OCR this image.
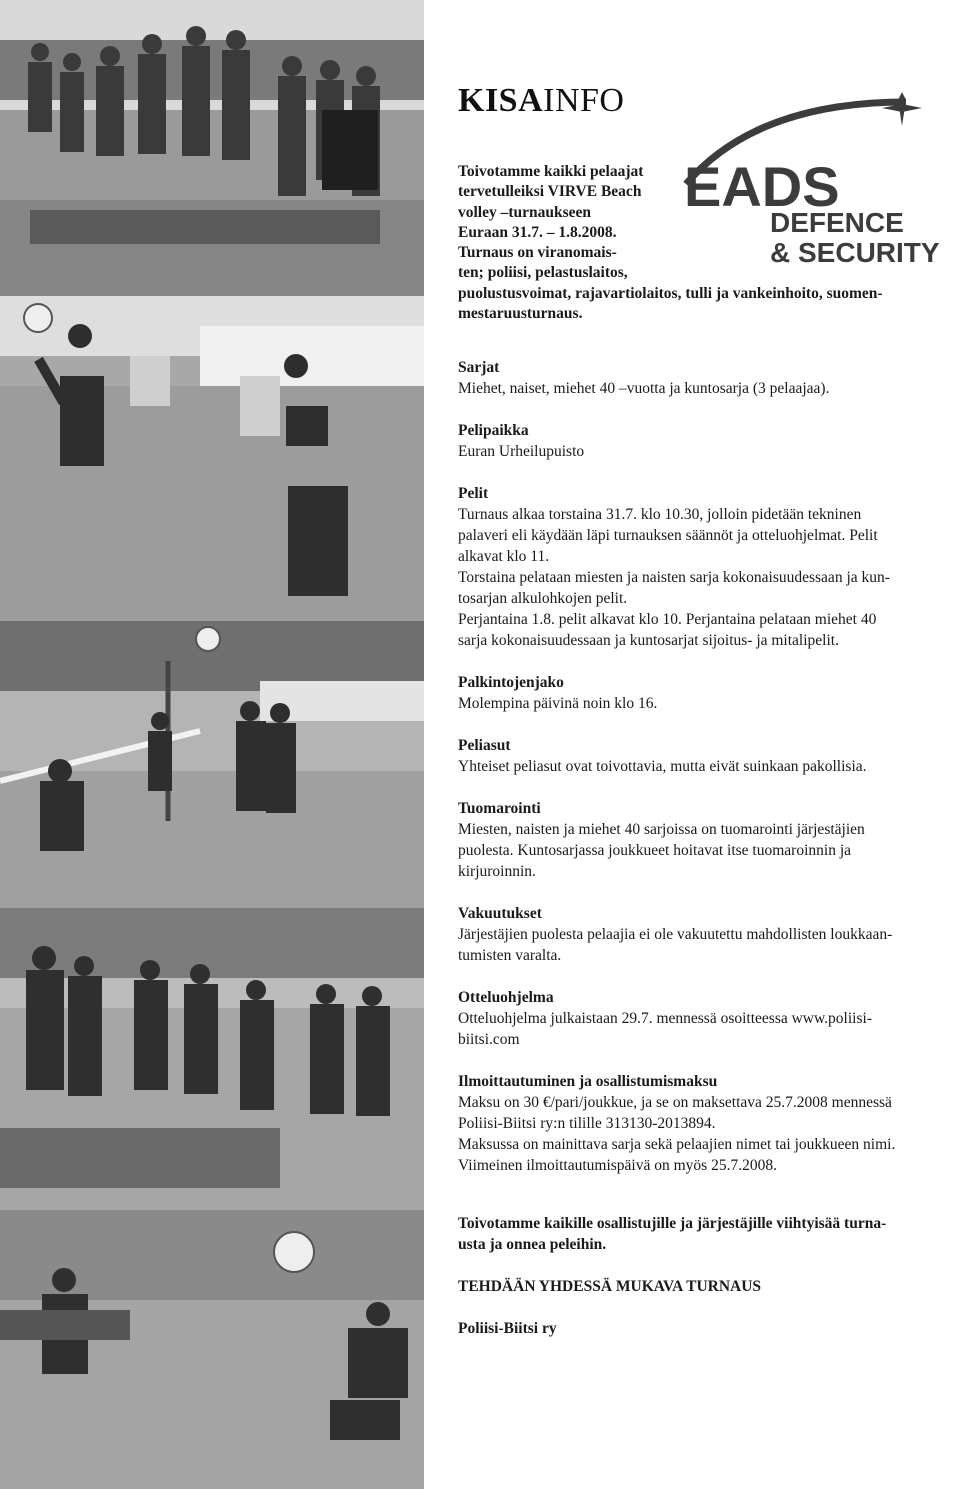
KISAINFO
EADS
DEFENCE
& SECURITY

Toivotamme kaikki pelaajat
tervetulleiksi VIRVE Beach
volley –turnaukseen
Euraan 31.7. – 1.8.2008.
Turnaus on viranomais-
ten; poliisi, pelastuslaitos,
puolustusvoimat, rajavartiolaitos, tulli ja vankeinhoito, suomen-
mestaruusturnaus.

Sarjat

Miehet, naiset, miehet 40 –vuotta ja kuntosarja (3 pelaajaa).

Pelipaikka

Euran Urheilupuisto

Pelit

Turnaus alkaa torstaina 31.7. klo 10.30, jolloin pidetään tekninen

palaveri eli käydään läpi turnauksen säännöt ja otteluohjelmat. Pelit

alkavat klo 11.

Torstaina pelataan miesten ja naisten sarja kokonaisuudessaan ja kun-

tosarjan alkulohkojen pelit.

Perjantaina 1.8. pelit alkavat klo 10. Perjantaina pelataan miehet 40

sarja kokonaisuudessaan ja kuntosarjat sijoitus- ja mitalipelit.

Palkintojenjako

Molempina päivinä noin klo 16.

Peliasut

Yhteiset peliasut ovat toivottavia, mutta eivät suinkaan pakollisia.

Tuomarointi

Miesten, naisten ja miehet 40 sarjoissa on tuomarointi järjestäjien

puolesta. Kuntosarjassa joukkueet hoitavat itse tuomaroinnin ja

kirjuroinnin.

Vakuutukset

Järjestäjien puolesta pelaajia ei ole vakuutettu mahdollisten loukkaan-

tumisten varalta.

Otteluohjelma

Otteluohjelma julkaistaan 29.7. mennessä osoitteessa www.poliisi-

biitsi.com

Ilmoittautuminen ja osallistumismaksu

Maksu on 30 €/pari/joukkue, ja se on maksettava 25.7.2008 mennessä

Poliisi-Biitsi ry:n tilille 313130-2013894.

Maksussa on mainittava sarja sekä pelaajien nimet tai joukkueen nimi.

Viimeinen ilmoittautumispäivä on myös 25.7.2008.

Toivotamme kaikille osallistujille ja järjestäjille viihtyisää turna-

usta ja onnea peleihin.

TEHDÄÄN YHDESSÄ MUKAVA TURNAUS

Poliisi-Biitsi ry
